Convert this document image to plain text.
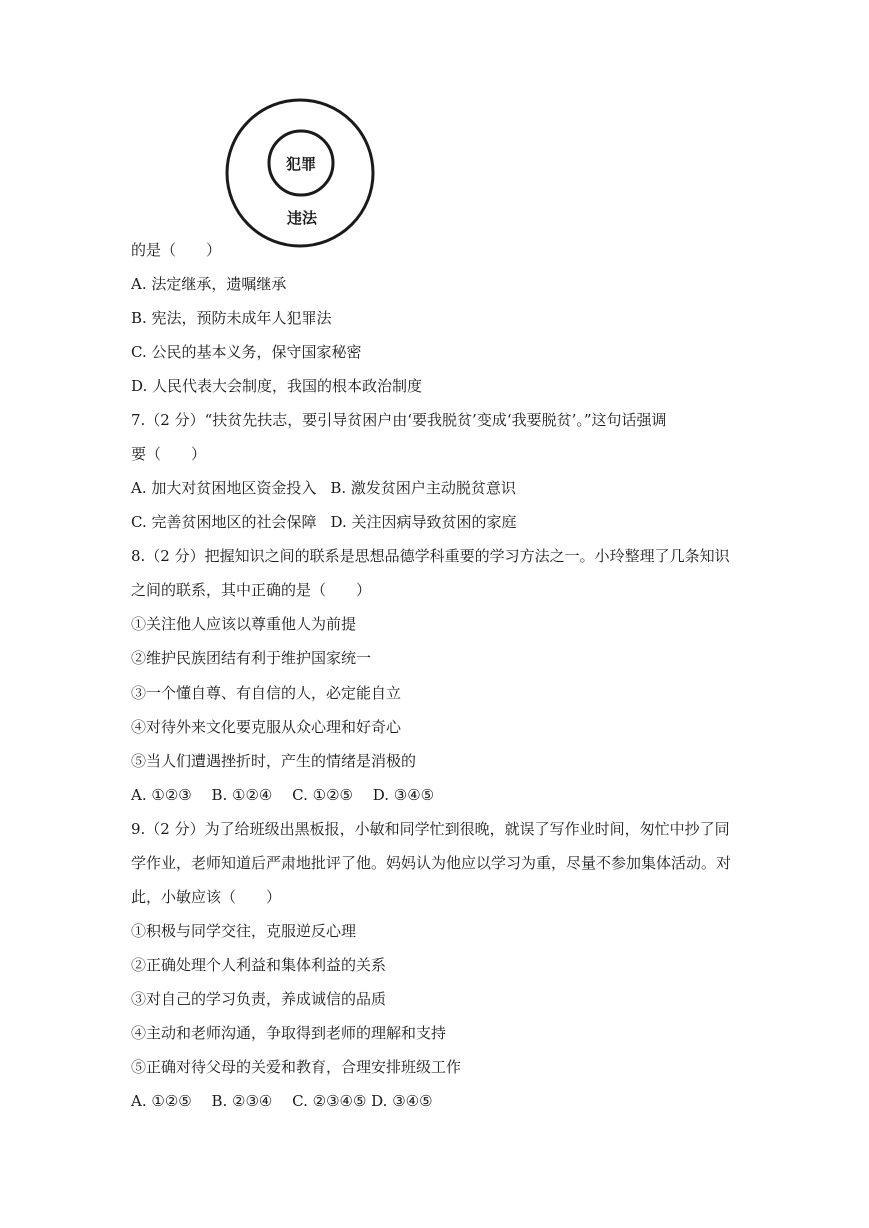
犯罪
违法
的是（　　）
A. 法定继承，遗嘱继承
B. 宪法，预防未成年人犯罪法
C. 公民的基本义务，保守国家秘密
D. 人民代表大会制度，我国的根本政治制度
7.（2 分）“扶贫先扶志，要引导贫困户由‘要我脱贫’变成‘我要脱贫’。”这句话强调
要（　　）
A. 加大对贫困地区资金投入 B. 激发贫困户主动脱贫意识
C. 完善贫困地区的社会保障 D. 关注因病导致贫困的家庭
8.（2 分）把握知识之间的联系是思想品德学科重要的学习方法之一。小玲整理了几条知识
之间的联系，其中正确的是（　　）
①关注他人应该以尊重他人为前提
②维护民族团结有利于维护国家统一
③一个懂自尊、有自信的人，必定能自立
④对待外来文化要克服从众心理和好奇心
⑤当人们遭遇挫折时，产生的情绪是消极的
A. ①②③　 B. ①②④　 C. ①②⑤　 D. ③④⑤
9.（2 分）为了给班级出黑板报，小敏和同学忙到很晚，就误了写作业时间，匆忙中抄了同
学作业，老师知道后严肃地批评了他。妈妈认为他应以学习为重，尽量不参加集体活动。对
此，小敏应该（　　）
①积极与同学交往，克服逆反心理
②正确处理个人利益和集体利益的关系
③对自己的学习负责，养成诚信的品质
④主动和老师沟通，争取得到老师的理解和支持
⑤正确对待父母的关爱和教育，合理安排班级工作
A. ①②⑤　 B. ②③④　 C. ②③④⑤ D. ③④⑤
